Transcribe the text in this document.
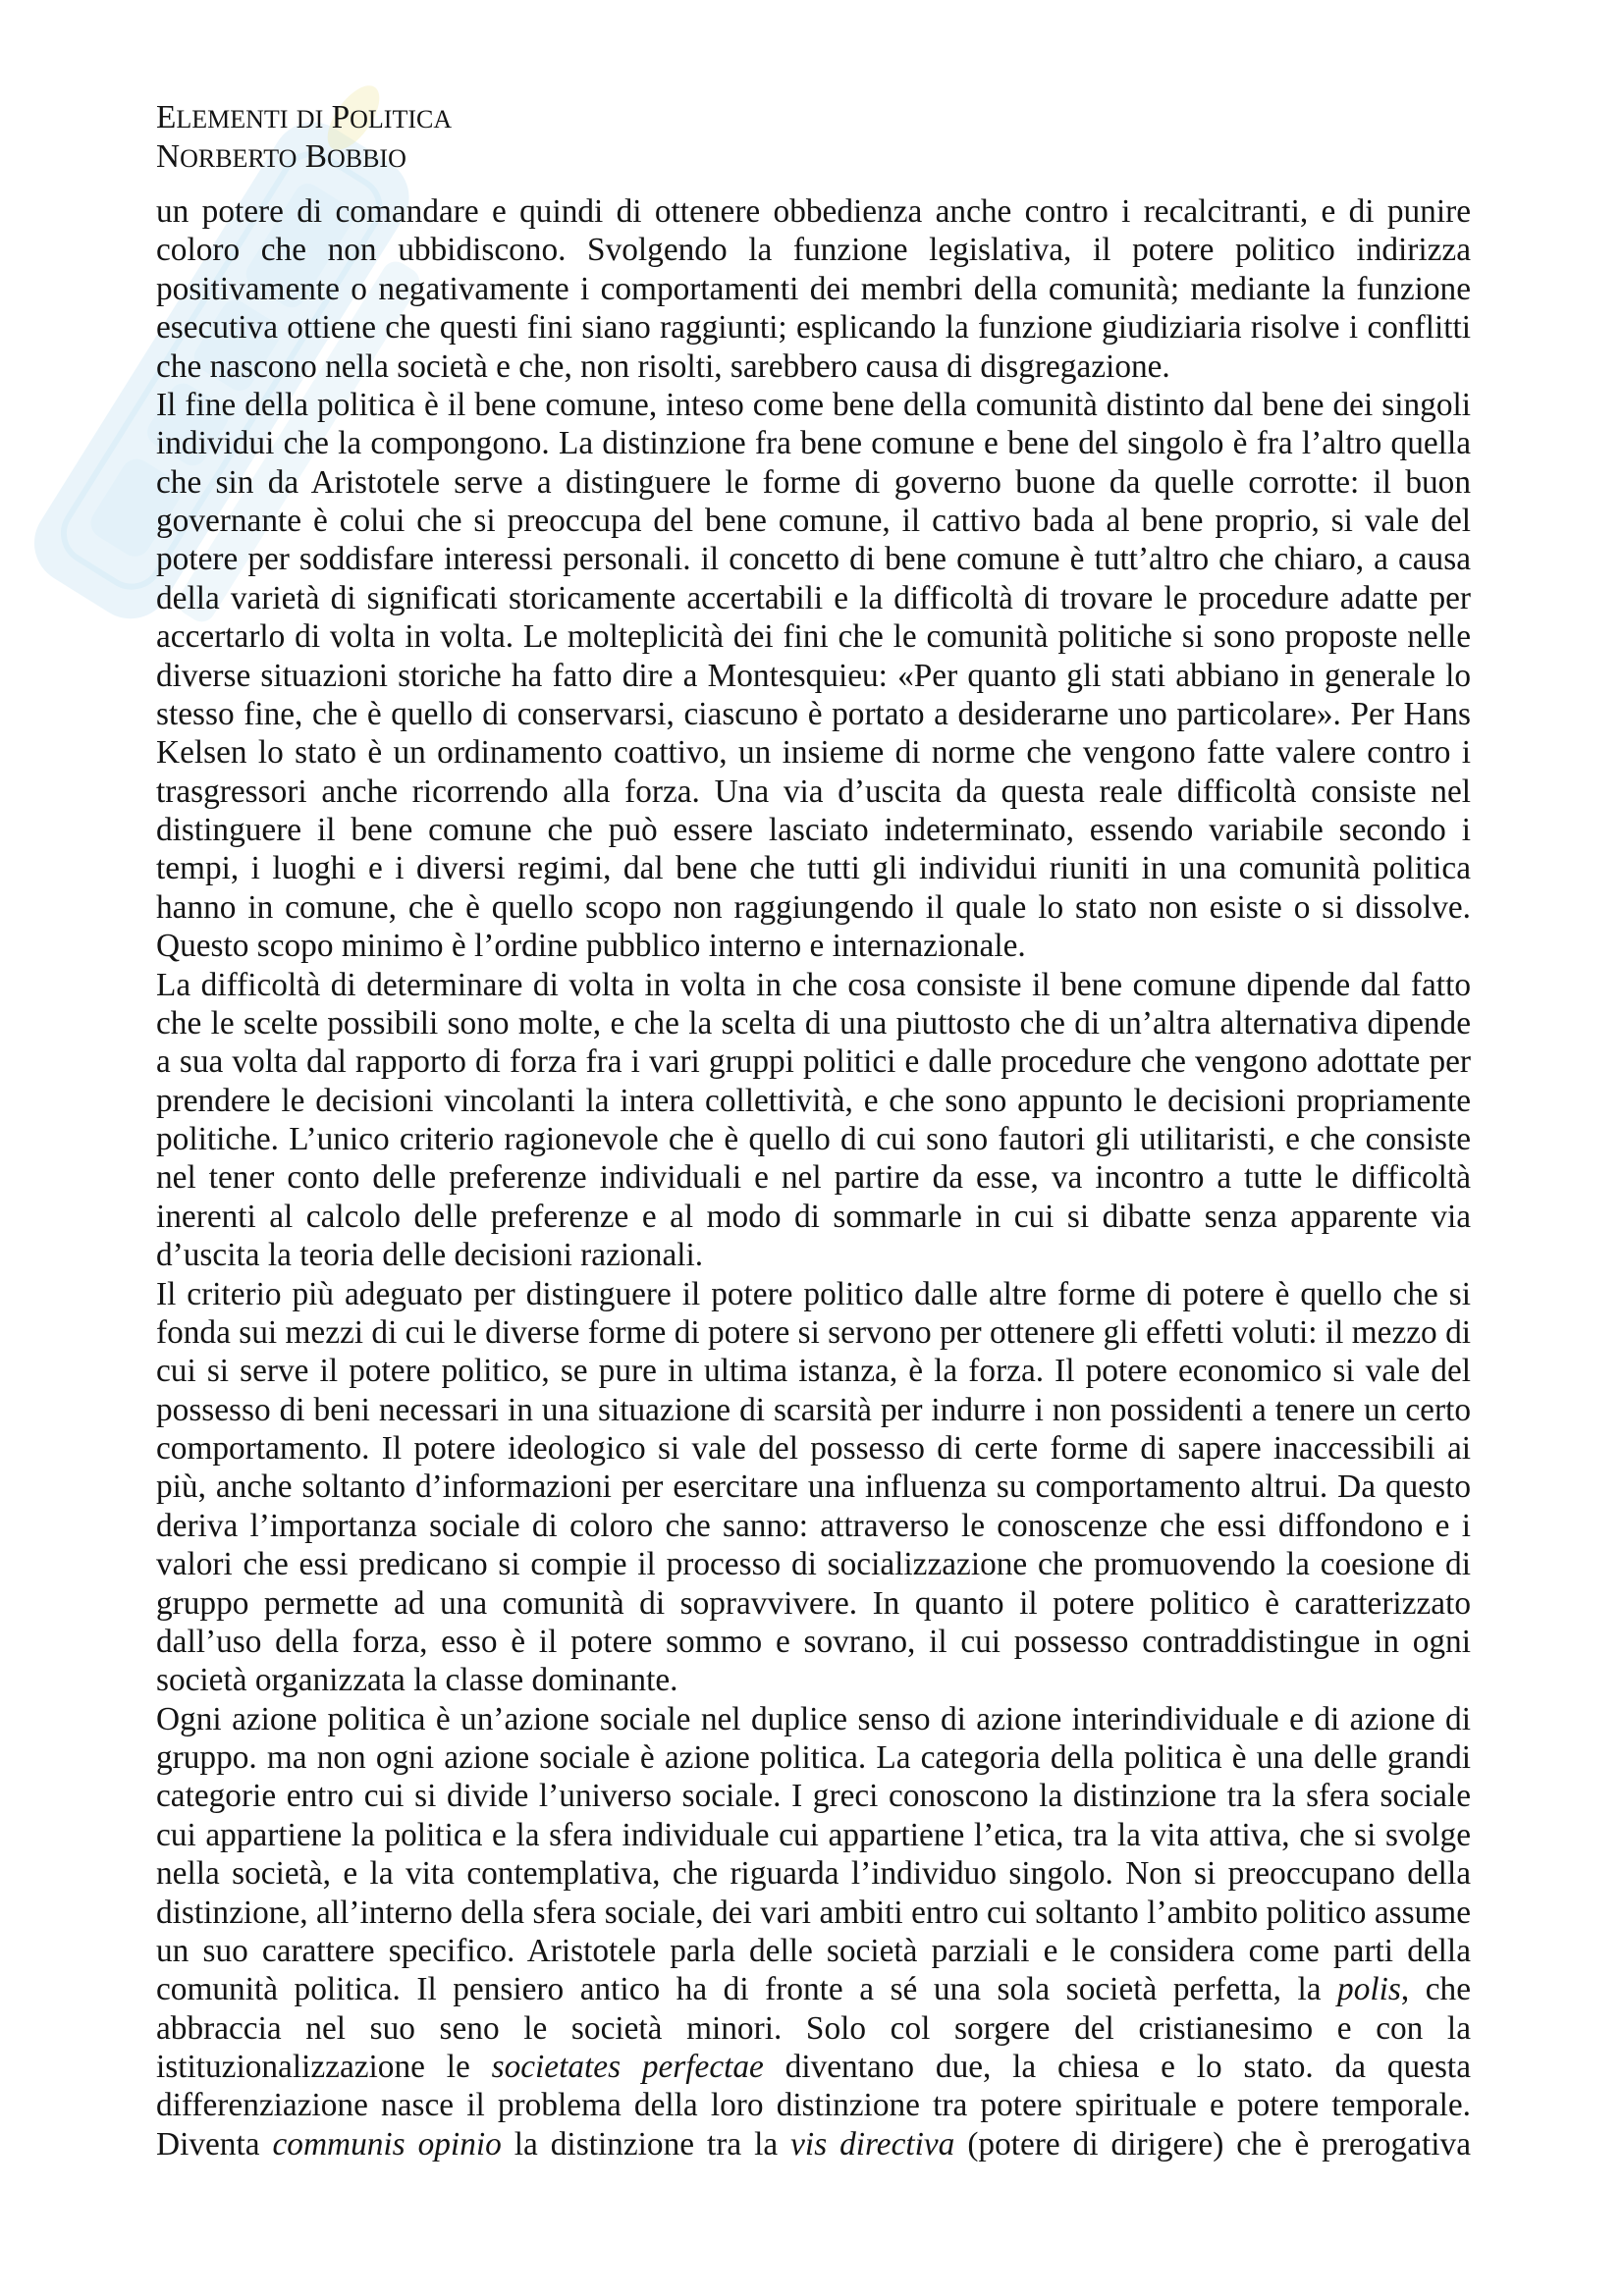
ELEMENTI DI POLITICA
NORBERTO BOBBIO

un potere di comandare e quindi di ottenere obbedienza anche contro i recalcitranti, e di punire coloro che non ubbidiscono. Svolgendo la funzione legislativa, il potere politico indirizza positivamente o negativamente i comportamenti dei membri della comunità; mediante la funzione esecutiva ottiene che questi fini siano raggiunti; esplicando la funzione giudiziaria risolve i conflitti che nascono nella società e che, non risolti, sarebbero causa di disgregazione.

Il fine della politica è il bene comune, inteso come bene della comunità distinto dal bene dei singoli individui che la compongono. La distinzione fra bene comune e bene del singolo è fra l’altro quella che sin da Aristotele serve a distinguere le forme di governo buone da quelle corrotte: il buon governante è colui che si preoccupa del bene comune, il cattivo bada al bene proprio, si vale del potere per soddisfare interessi personali. il concetto di bene comune è tutt’altro che chiaro, a causa della varietà di significati storicamente accertabili e la difficoltà di trovare le procedure adatte per accertarlo di volta in volta. Le molteplicità dei fini che le comunità politiche si sono proposte nelle diverse situazioni storiche ha fatto dire a Montesquieu: «Per quanto gli stati abbiano in generale lo stesso fine, che è quello di conservarsi, ciascuno è portato a desiderarne uno particolare». Per Hans Kelsen lo stato è un ordinamento coattivo, un insieme di norme che vengono fatte valere contro i trasgressori anche ricorrendo alla forza. Una via d’uscita da questa reale difficoltà consiste nel distinguere il bene comune che può essere lasciato indeterminato, essendo variabile secondo i tempi, i luoghi e i diversi regimi, dal bene che tutti gli individui riuniti in una comunità politica hanno in comune, che è quello scopo non raggiungendo il quale lo stato non esiste o si dissolve. Questo scopo minimo è l’ordine pubblico interno e internazionale.

La difficoltà di determinare di volta in volta in che cosa consiste il bene comune dipende dal fatto che le scelte possibili sono molte, e che la scelta di una piuttosto che di un’altra alternativa dipende a sua volta dal rapporto di forza fra i vari gruppi politici e dalle procedure che vengono adottate per prendere le decisioni vincolanti la intera collettività, e che sono appunto le decisioni propriamente politiche. L’unico criterio ragionevole che è quello di cui sono fautori gli utilitaristi, e che consiste nel tener conto delle preferenze individuali e nel partire da esse, va incontro a tutte le difficoltà inerenti al calcolo delle preferenze e al modo di sommarle in cui si dibatte senza apparente via d’uscita la teoria delle decisioni razionali.

Il criterio più adeguato per distinguere il potere politico dalle altre forme di potere è quello che si fonda sui mezzi di cui le diverse forme di potere si servono per ottenere gli effetti voluti: il mezzo di cui si serve il potere politico, se pure in ultima istanza, è la forza. Il potere economico si vale del possesso di beni necessari in una situazione di scarsità per indurre i non possidenti a tenere un certo comportamento. Il potere ideologico si vale del possesso di certe forme di sapere inaccessibili ai più, anche soltanto d’informazioni per esercitare una influenza su comportamento altrui. Da questo deriva l’importanza sociale di coloro che sanno: attraverso le conoscenze che essi diffondono e i valori che essi predicano si compie il processo di socializzazione che promuovendo la coesione di gruppo permette ad una comunità di sopravvivere. In quanto il potere politico è caratterizzato dall’uso della forza, esso è il potere sommo e sovrano, il cui possesso contraddistingue in ogni società organizzata la classe dominante.

Ogni azione politica è un’azione sociale nel duplice senso di azione interindividuale e di azione di gruppo. ma non ogni azione sociale è azione politica. La categoria della politica è una delle grandi categorie entro cui si divide l’universo sociale. I greci conoscono la distinzione tra la sfera sociale cui appartiene la politica e la sfera individuale cui appartiene l’etica, tra la vita attiva, che si svolge nella società, e la vita contemplativa, che riguarda l’individuo singolo. Non si preoccupano della distinzione, all’interno della sfera sociale, dei vari ambiti entro cui soltanto l’ambito politico assume un suo carattere specifico. Aristotele parla delle società parziali e le considera come parti della comunità politica. Il pensiero antico ha di fronte a sé una sola società perfetta, la polis, che abbraccia nel suo seno le società minori. Solo col sorgere del cristianesimo e con la istituzionalizzazione le societates perfectae diventano due, la chiesa e lo stato. da questa differenziazione nasce il problema della loro distinzione tra potere spirituale e potere temporale. Diventa communis opinio la distinzione tra la vis directiva (potere di dirigere) che è prerogativa
